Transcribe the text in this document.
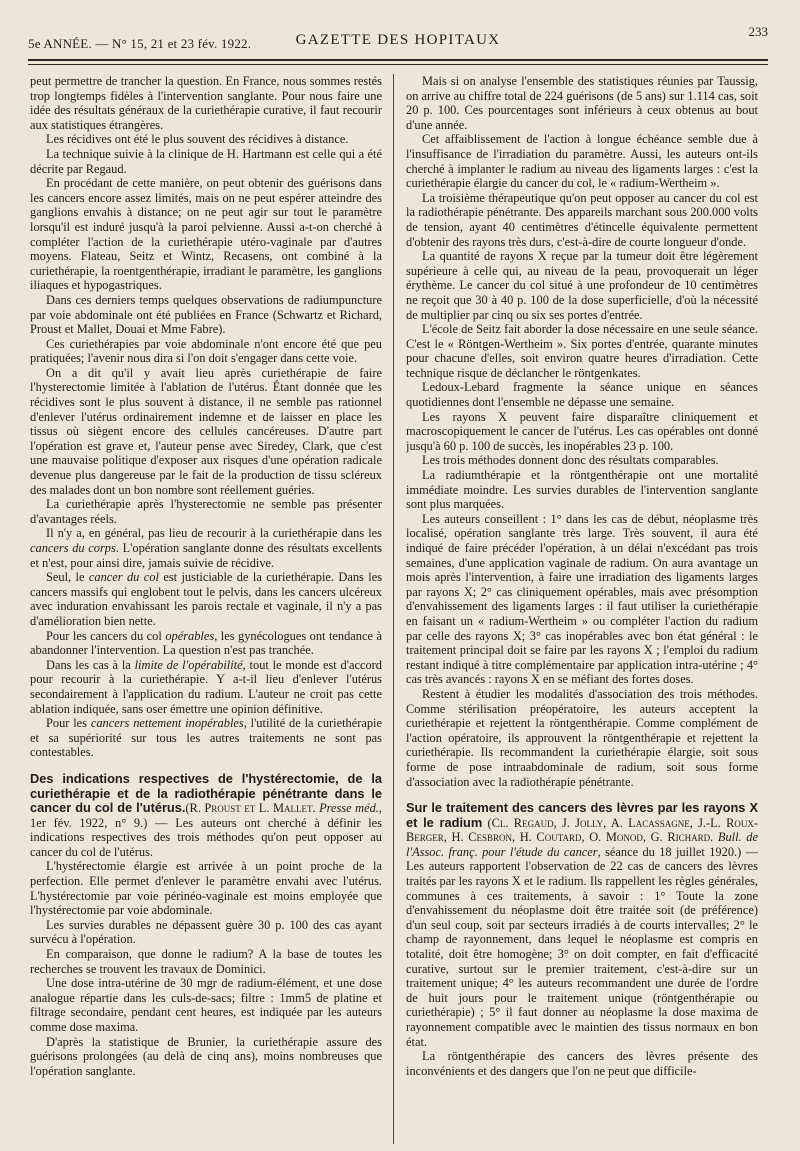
5e ANNÉE. — N° 15, 21 et 23 fév. 1922.	GAZETTE DES HOPITAUX
233

peut permettre de trancher la question. En France, nous sommes restés trop longtemps fidèles à l'intervention sanglante. Pour nous faire une idée des résultats généraux de la curiethérapie curative, il faut recourir aux statistiques étrangères.

Les récidives ont été le plus souvent des récidives à distance.

La technique suivie à la clinique de H. Hartmann est celle qui a été décrite par Regaud.

En procédant de cette manière, on peut obtenir des guérisons dans les cancers encore assez limités, mais on ne peut espérer atteindre des ganglions envahis à distance; on ne peut agir sur tout le paramètre lorsqu'il est induré jusqu'à la paroi pelvienne. Aussi a-t-on cherché à compléter l'action de la curiethérapie utéro-vaginale par d'autres moyens. Flateau, Seitz et Wintz, Recasens, ont combiné à la curiethérapie, la roentgenthérapie, irradiant le paramètre, les ganglions iliaques et hypogastriques.

Dans ces derniers temps quelques observations de radiumpuncture par voie abdominale ont été publiées en France (Schwartz et Richard, Proust et Mallet, Douai et Mme Fabre).

Ces curiethérapies par voie abdominale n'ont encore été que peu pratiquées; l'avenir nous dira si l'on doit s'engager dans cette voie.

On a dit qu'il y avait lieu après curiethérapie de faire l'hysterectomie limitée à l'ablation de l'utérus. Étant donnée que les récidives sont le plus souvent à distance, il ne semble pas rationnel d'enlever l'utérus ordinairement indemne et de laisser en place les tissus où siègent encore des cellules cancéreuses. D'autre part l'opération est grave et, l'auteur pense avec Siredey, Clark, que c'est une mauvaise politique d'exposer aux risques d'une opération radicale devenue plus dangereuse par le fait de la production de tissu scléreux des malades dont un bon nombre sont réellement guéries.

La curiethérapie après l'hysterectomie ne semble pas présenter d'avantages réels.

Il n'y a, en général, pas lieu de recourir à la curiethérapie dans les cancers du corps. L'opération sanglante donne des résultats excellents et n'est, pour ainsi dire, jamais suivie de récidive.

Seul, le cancer du col est justiciable de la curiethérapie. Dans les cancers massifs qui englobent tout le pelvis, dans les cancers ulcéreux avec induration envahissant les parois rectale et vaginale, il n'y a pas d'amélioration bien nette.

Pour les cancers du col opérables, les gynécologues ont tendance à abandonner l'intervention. La question n'est pas tranchée.

Dans les cas à la limite de l'opérabilité, tout le monde est d'accord pour recourir à la curiethérapie. Y a-t-il lieu d'enlever l'utérus secondairement à l'application du radium. L'auteur ne croit pas cette ablation indiquée, sans oser émettre une opinion définitive.

Pour les cancers nettement inopérables, l'utilité de la curiethérapie et sa supériorité sur tous les autres traitements ne sont pas contestables.

Des indications respectives de l'hystérectomie, de la curiethérapie et de la radiothérapie pénétrante dans le cancer du col de l'utérus.(R. Proust et L. Mallet. Presse méd., 1er fév. 1922, n° 9.) — Les auteurs ont cherché à définir les indications respectives des trois méthodes qu'on peut opposer au cancer du col de l'utérus.

L'hystérectomie élargie est arrivée à un point proche de la perfection. Elle permet d'enlever le paramètre envahi avec l'utérus. L'hystérectomie par voie périnéo-vaginale est moins employée que l'hystérectomie par voie abdominale.

Les survies durables ne dépassent guère 30 p. 100 des cas ayant survécu à l'opération.

En comparaison, que donne le radium? A la base de toutes les recherches se trouvent les travaux de Dominici.

Une dose intra-utérine de 30 mgr de radium-élément, et une dose analogue répartie dans les culs-de-sacs; filtre : 1mm5 de platine et filtrage secondaire, pendant cent heures, est indiquée par les auteurs comme dose maxima.

D'après la statistique de Brunier, la curiethérapie assure des guérisons prolongées (au delà de cinq ans), moins nombreuses que l'opération sanglante.

Mais si on analyse l'ensemble des statistiques réunies par Taussig, on arrive au chiffre total de 224 guérisons (de 5 ans) sur 1.114 cas, soit 20 p. 100. Ces pourcentages sont inférieurs à ceux obtenus au bout d'une année.

Cet affaiblissement de l'action à longue échéance semble due à l'insuffisance de l'irradiation du paramètre. Aussi, les auteurs ont-ils cherché à implanter le radium au niveau des ligaments larges : c'est la curiethérapie élargie du cancer du col, le « radium-Wertheim ».

La troisième thérapeutique qu'on peut opposer au cancer du col est la radiothérapie pénétrante. Des appareils marchant sous 200.000 volts de tension, ayant 40 centimètres d'étincelle équivalente permettent d'obtenir des rayons très durs, c'est-à-dire de courte longueur d'onde.

La quantité de rayons X reçue par la tumeur doit être légèrement supérieure à celle qui, au niveau de la peau, provoquerait un léger érythème. Le cancer du col situé à une profondeur de 10 centimètres ne reçoit que 30 à 40 p. 100 de la dose superficielle, d'où la nécessité de multiplier par cinq ou six ses portes d'entrée.

L'école de Seitz fait aborder la dose nécessaire en une seule séance. C'est le « Röntgen-Wertheim ». Six portes d'entrée, quarante minutes pour chacune d'elles, soit environ quatre heures d'irradiation. Cette technique risque de déclancher le röntgenkates.

Ledoux-Lebard fragmente la séance unique en séances quotidiennes dont l'ensemble ne dépasse une semaine.

Les rayons X peuvent faire disparaître cliniquement et macroscopiquement le cancer de l'utérus. Les cas opérables ont donné jusqu'à 60 p. 100 de succès, les inopérables 23 p. 100.

Les trois méthodes donnent donc des résultats comparables.

La radiumthérapie et la röntgenthérapie ont une mortalité immédiate moindre. Les survies durables de l'intervention sanglante sont plus marquées.

Les auteurs conseillent : 1° dans les cas de début, néoplasme très localisé, opération sanglante très large. Très souvent, il aura été indiqué de faire précéder l'opération, à un délai n'excédant pas trois semaines, d'une application vaginale de radium. On aura avantage un mois après l'intervention, à faire une irradiation des ligaments larges par rayons X; 2° cas cliniquement opérables, mais avec présomption d'envahissement des ligaments larges : il faut utiliser la curiethérapie en faisant un « radium-Wertheim » ou compléter l'action du radium par celle des rayons X; 3° cas inopérables avec bon état général : le traitement principal doit se faire par les rayons X ; l'emploi du radium restant indiqué à titre complémentaire par application intra-utérine ; 4° cas très avancés : rayons X en se méfiant des fortes doses.

Restent à étudier les modalités d'association des trois méthodes. Comme stérilisation préopératoire, les auteurs acceptent la curiethérapie et rejettent la röntgenthérapie. Comme complément de l'action opératoire, ils approuvent la röntgenthérapie et rejettent la curiethérapie. Ils recommandent la curiethérapie élargie, soit sous forme de pose intraabdominale de radium, soit sous forme d'association avec la radiothérapie pénétrante.

Sur le traitement des cancers des lèvres par les rayons X et le radium (Cl. Regaud, J. Jolly, A. Lacassagne, J.-L. Roux-Berger, H. Cesbron, H. Coutard, O. Monod, G. Richard. Bull. de l'Assoc. franç. pour l'étude du cancer, séance du 18 juillet 1920.) — Les auteurs rapportent l'observation de 22 cas de cancers des lèvres traités par les rayons X et le radium. Ils rappellent les règles générales, communes à ces traitements, à savoir : 1° Toute la zone d'envahissement du néoplasme doit être traitée soit (de préférence) d'un seul coup, soit par secteurs irradiés à de courts intervalles; 2° le champ de rayonnement, dans lequel le néoplasme est compris en totalité, doit être homogène; 3° on doit compter, en fait d'efficacité curative, surtout sur le premier traitement, c'est-à-dire sur un traitement unique; 4° les auteurs recommandent une durée de l'ordre de huit jours pour le traitement unique (röntgenthérapie ou curiethérapie) ; 5° il faut donner au néoplasme la dose maxima de rayonnement compatible avec le maintien des tissus normaux en bon état.

La röntgenthérapie des cancers des lèvres présente des inconvénients et des dangers que l'on ne peut que difficile-
